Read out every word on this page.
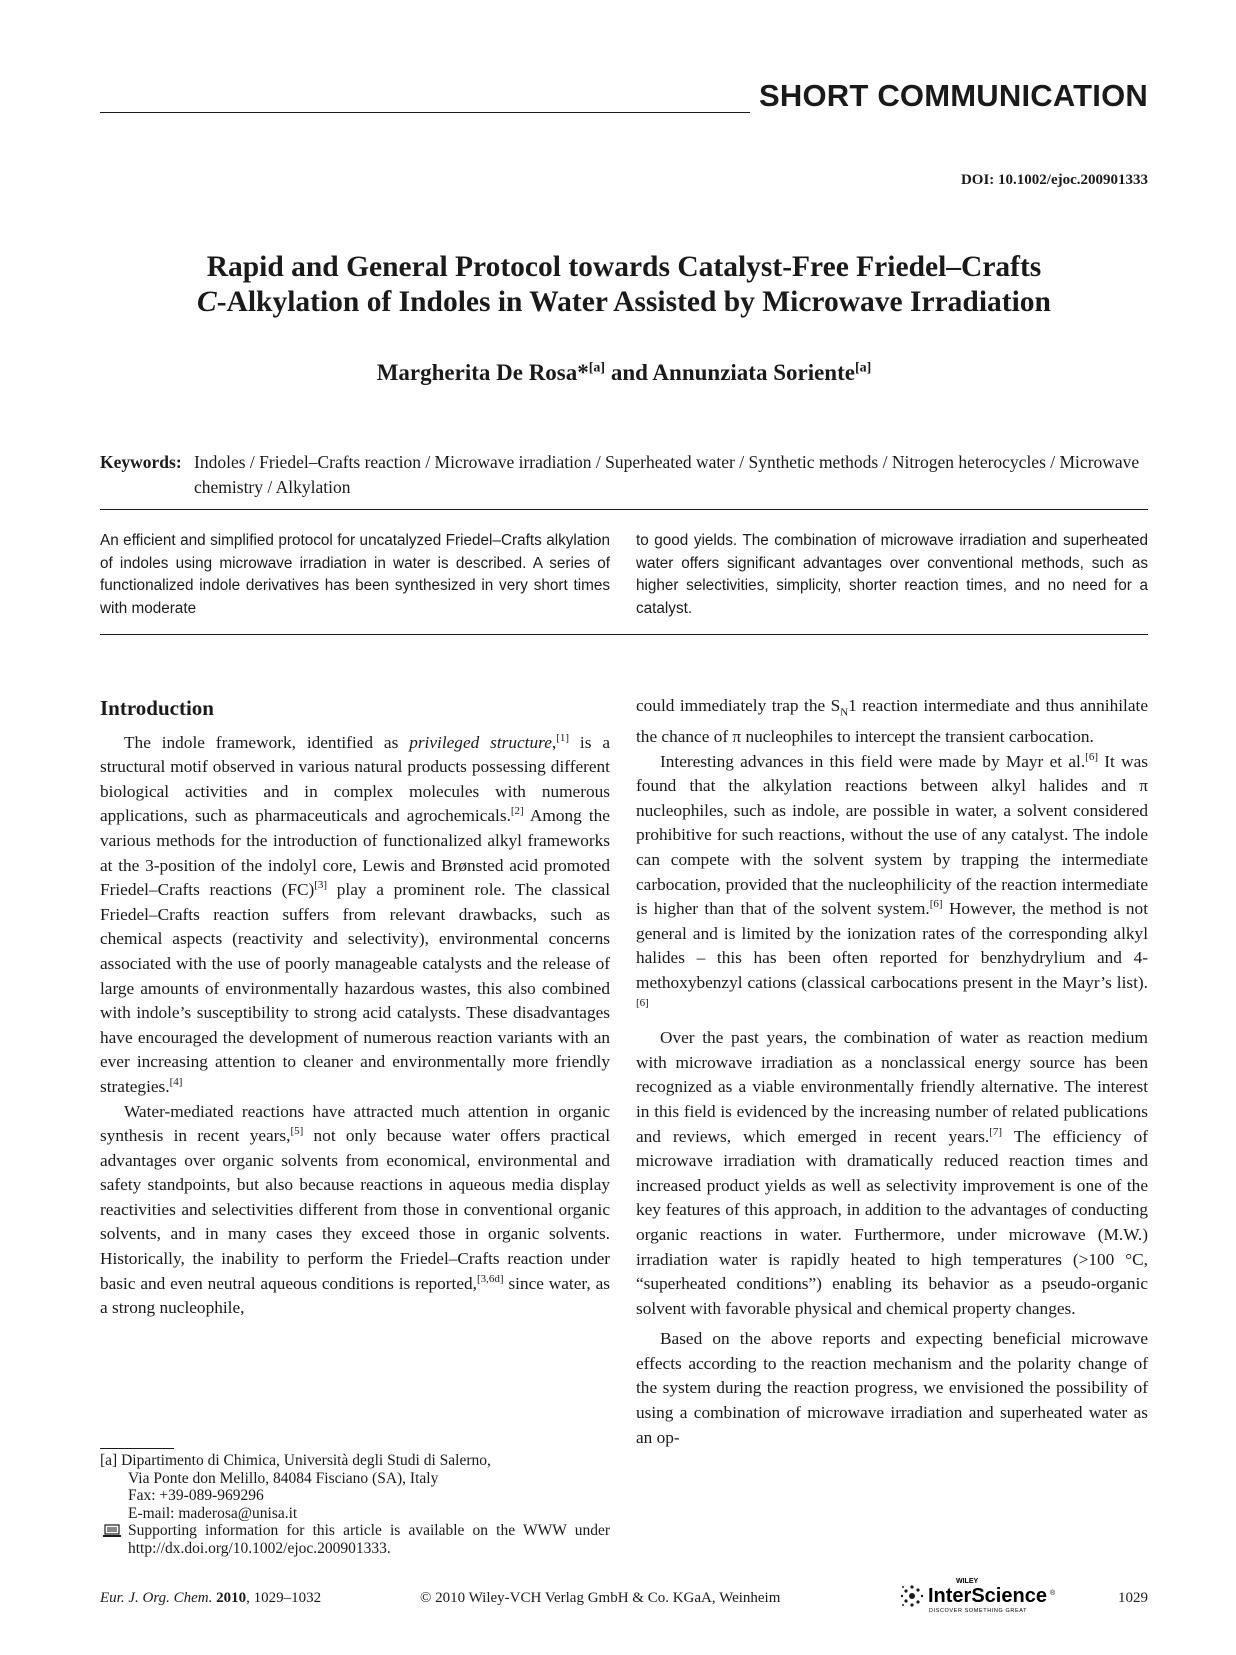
SHORT COMMUNICATION
DOI: 10.1002/ejoc.200901333
Rapid and General Protocol towards Catalyst-Free Friedel–Crafts
C-Alkylation of Indoles in Water Assisted by Microwave Irradiation
Margherita De Rosa*[a] and Annunziata Soriente[a]
Keywords: Indoles / Friedel–Crafts reaction / Microwave irradiation / Superheated water / Synthetic methods / Nitrogen heterocycles / Microwave chemistry / Alkylation
An efficient and simplified protocol for uncatalyzed Friedel–Crafts alkylation of indoles using microwave irradiation in water is described. A series of functionalized indole derivatives has been synthesized in very short times with moderate
to good yields. The combination of microwave irradiation and superheated water offers significant advantages over conventional methods, such as higher selectivities, simplicity, shorter reaction times, and no need for a catalyst.
Introduction

The indole framework, identified as privileged structure,[1] is a structural motif observed in various natural products possessing different biological activities and in complex molecules with numerous applications, such as pharmaceuticals and agrochemicals.[2] Among the various methods for the introduction of functionalized alkyl frameworks at the 3-position of the indolyl core, Lewis and Brønsted acid promoted Friedel–Crafts reactions (FC)[3] play a prominent role. The classical Friedel–Crafts reaction suffers from relevant drawbacks, such as chemical aspects (reactivity and selectivity), environmental concerns associated with the use of poorly manageable catalysts and the release of large amounts of environmentally hazardous wastes, this also combined with indole’s susceptibility to strong acid catalysts. These disadvantages have encouraged the development of numerous reaction variants with an ever increasing attention to cleaner and environmentally more friendly strategies.[4]

Water-mediated reactions have attracted much attention in organic synthesis in recent years,[5] not only because water offers practical advantages over organic solvents from economical, environmental and safety standpoints, but also because reactions in aqueous media display reactivities and selectivities different from those in conventional organic solvents, and in many cases they exceed those in organic solvents. Historically, the inability to perform the Friedel–Crafts reaction under basic and even neutral aqueous conditions is reported,[3,6d] since water, as a strong nucleophile,

could immediately trap the $S_N1$ reaction intermediate and thus annihilate the chance of π nucleophiles to intercept the transient carbocation.

Interesting advances in this field were made by Mayr et al.[6] It was found that the alkylation reactions between alkyl halides and π nucleophiles, such as indole, are possible in water, a solvent considered prohibitive for such reactions, without the use of any catalyst. The indole can compete with the solvent system by trapping the intermediate carbocation, provided that the nucleophilicity of the reaction intermediate is higher than that of the solvent system.[6] However, the method is not general and is limited by the ionization rates of the corresponding alkyl halides – this has been often reported for benzhydrylium and 4-methoxybenzyl cations (classical carbocations present in the Mayr’s list).[6]

Over the past years, the combination of water as reaction medium with microwave irradiation as a nonclassical energy source has been recognized as a viable environmentally friendly alternative. The interest in this field is evidenced by the increasing number of related publications and reviews, which emerged in recent years.[7] The efficiency of microwave irradiation with dramatically reduced reaction times and increased product yields as well as selectivity improvement is one of the key features of this approach, in addition to the advantages of conducting organic reactions in water. Furthermore, under microwave (M.W.) irradiation water is rapidly heated to high temperatures (>100 °C, “superheated conditions”) enabling its behavior as a pseudo-organic solvent with favorable physical and chemical property changes.

Based on the above reports and expecting beneficial microwave effects according to the reaction mechanism and the polarity change of the system during the reaction progress, we envisioned the possibility of using a combination of microwave irradiation and superheated water as an op-

[a] Dipartimento di Chimica, Università degli Studi di Salerno,
Via Ponte don Melillo, 84084 Fisciano (SA), Italy
Fax: +39-089-969296
E-mail: maderosa@unisa.it
Supporting information for this article is available on the WWW under http://dx.doi.org/10.1002/ejoc.200901333.
Eur. J. Org. Chem. 2010, 1029–1032	© 2010 Wiley-VCH Verlag GmbH & Co. KGaA, Weinheim
WILEY
InterScience ®
DISCOVER SOMETHING GREAT
1029
